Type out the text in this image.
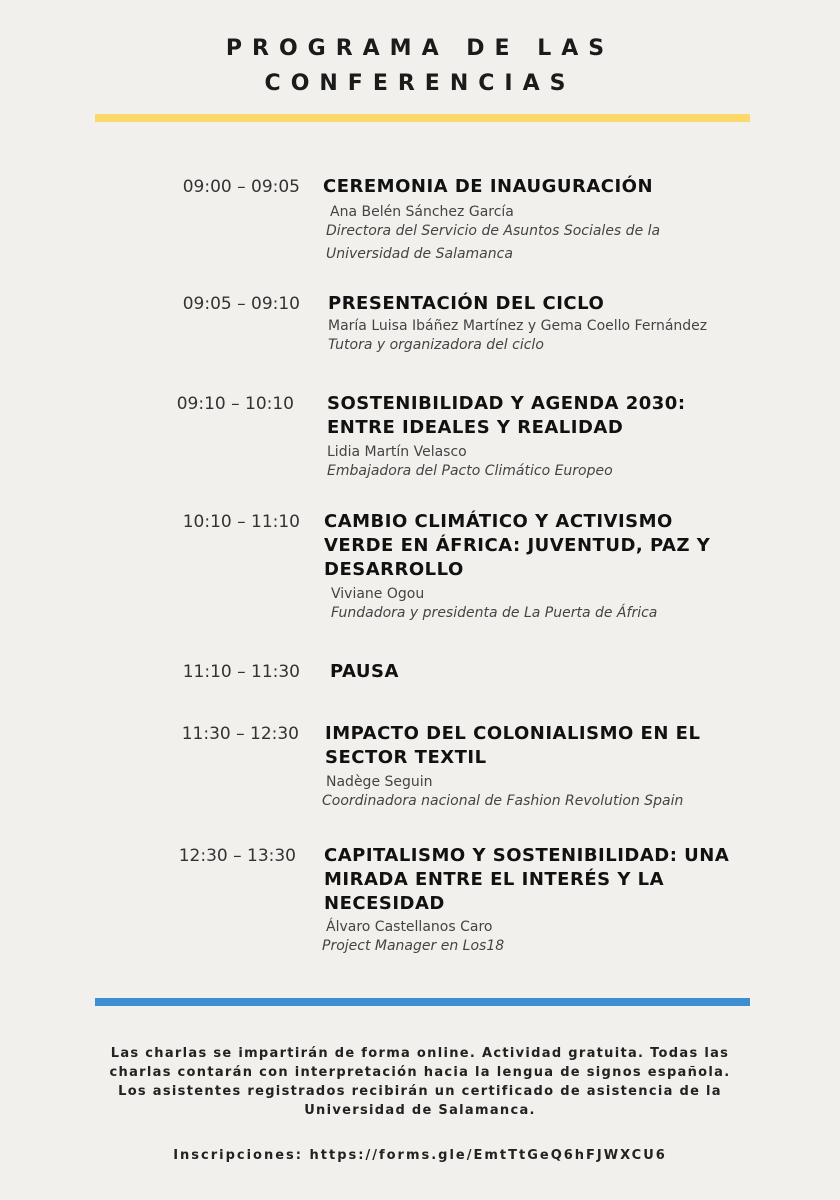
PROGRAMA DE LAS
CONFERENCIAS
09:00 – 09:05 CEREMONIA DE INAUGURACIÓN
Ana Belén Sánchez García
Directora del Servicio de Asuntos Sociales de la Universidad de Salamanca
09:05 – 09:10 PRESENTACIÓN DEL CICLO
María Luisa Ibáñez Martínez y Gema Coello Fernández
Tutora y organizadora del ciclo
09:10 – 10:10 SOSTENIBILIDAD Y AGENDA 2030: ENTRE IDEALES Y REALIDAD
Lidia Martín Velasco
Embajadora del Pacto Climático Europeo
10:10 – 11:10 CAMBIO CLIMÁTICO Y ACTIVISMO VERDE EN ÁFRICA: JUVENTUD, PAZ Y DESARROLLO
Viviane Ogou
Fundadora y presidenta de La Puerta de África
11:10 – 11:30 PAUSA
11:30 – 12:30 IMPACTO DEL COLONIALISMO EN EL SECTOR TEXTIL
Nadège Seguin
Coordinadora nacional de Fashion Revolution Spain
12:30 – 13:30 CAPITALISMO Y SOSTENIBILIDAD: UNA MIRADA ENTRE EL INTERÉS Y LA NECESIDAD
Álvaro Castellanos Caro
Project Manager en Los18
Las charlas se impartirán de forma online. Actividad gratuita. Todas las charlas contarán con interpretación hacia la lengua de signos española. Los asistentes registrados recibirán un certificado de asistencia de la Universidad de Salamanca.
Inscripciones: https://forms.gle/EmtTtGeQ6hFJWXCU6
